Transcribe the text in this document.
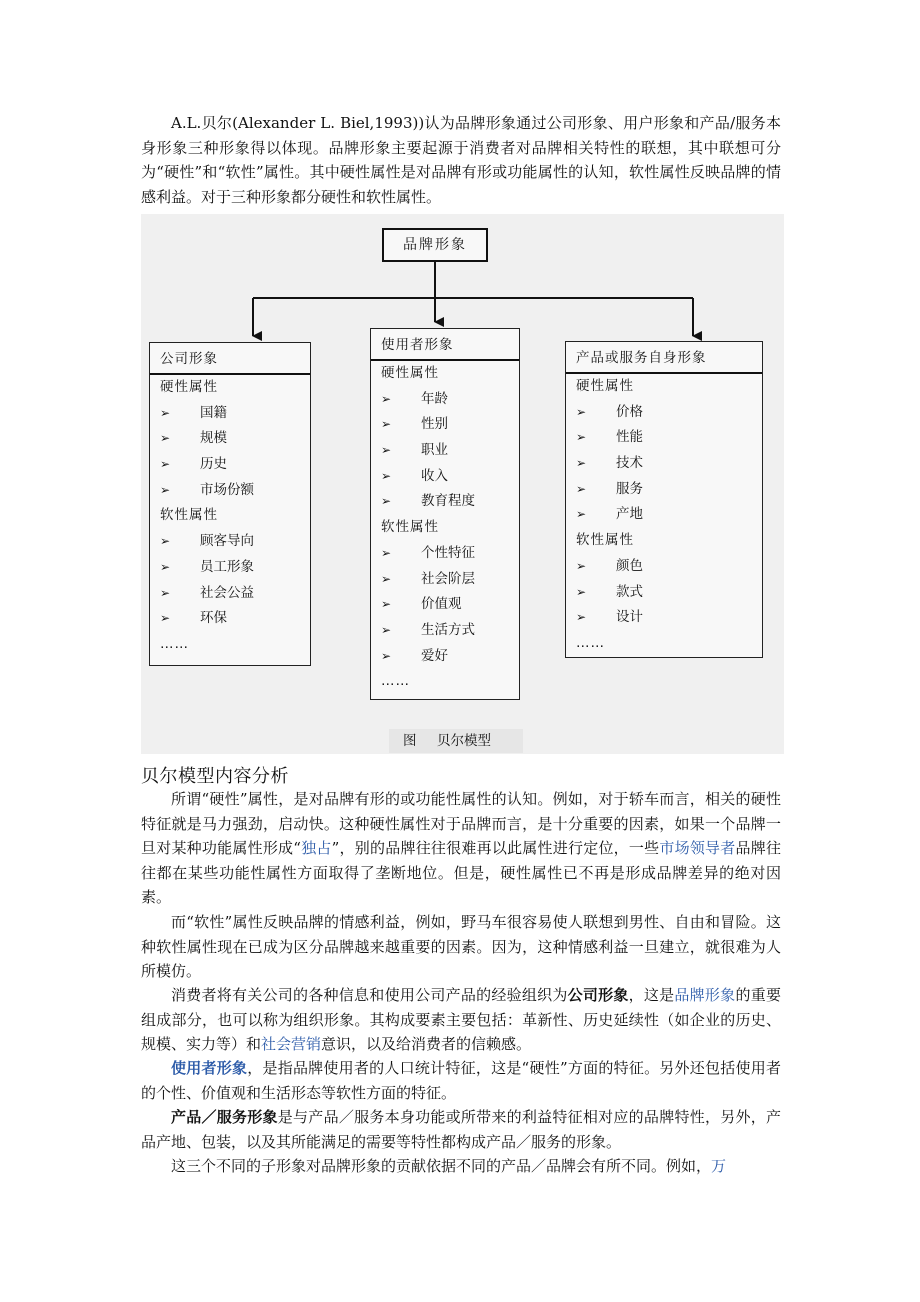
A.L.贝尔(Alexander L. Biel,1993))认为品牌形象通过公司形象、用户形象和产品/服务本身形象三种形象得以体现。品牌形象主要起源于消费者对品牌相关特性的联想，其中联想可分为“硬性”和“软性”属性。其中硬性属性是对品牌有形或功能属性的认知，软性属性反映品牌的情感利益。对于三种形象都分硬性和软性属性。

品牌形象
公司形象
硬性属性
➢ 国籍
➢ 规模
➢ 历史
➢ 市场份额
软性属性
➢ 顾客导向
➢ 员工形象
➢ 社会公益
➢ 环保
……
使用者形象
硬性属性
➢ 年龄
➢ 性别
➢ 职业
➢ 收入
➢ 教育程度
软性属性
➢ 个性特征
➢ 社会阶层
➢ 价值观
➢ 生活方式
➢ 爱好
……
产品或服务自身形象
硬性属性
➢ 价格
➢ 性能
➢ 技术
➢ 服务
➢ 产地
软性属性
➢ 颜色
➢ 款式
➢ 设计
……
图 贝尔模型
贝尔模型内容分析

所谓“硬性”属性，是对品牌有形的或功能性属性的认知。例如，对于轿车而言，相关的硬性特征就是马力强劲，启动快。这种硬性属性对于品牌而言，是十分重要的因素，如果一个品牌一旦对某种功能属性形成“独占”，别的品牌往往很难再以此属性进行定位，一些市场领导者品牌往往都在某些功能性属性方面取得了垄断地位。但是，硬性属性已不再是形成品牌差异的绝对因素。

而“软性”属性反映品牌的情感利益，例如，野马车很容易使人联想到男性、自由和冒险。这种软性属性现在已成为区分品牌越来越重要的因素。因为，这种情感利益一旦建立，就很难为人所模仿。

消费者将有关公司的各种信息和使用公司产品的经验组织为公司形象，这是品牌形象的重要组成部分，也可以称为组织形象。其构成要素主要包括：革新性、历史延续性（如企业的历史、规模、实力等）和社会营销意识，以及给消费者的信赖感。

使用者形象，是指品牌使用者的人口统计特征，这是“硬性”方面的特征。另外还包括使用者的个性、价值观和生活形态等软性方面的特征。

产品／服务形象是与产品／服务本身功能或所带来的利益特征相对应的品牌特性，另外，产品产地、包装，以及其所能满足的需要等特性都构成产品／服务的形象。

这三个不同的子形象对品牌形象的贡献依据不同的产品／品牌会有所不同。例如，万
